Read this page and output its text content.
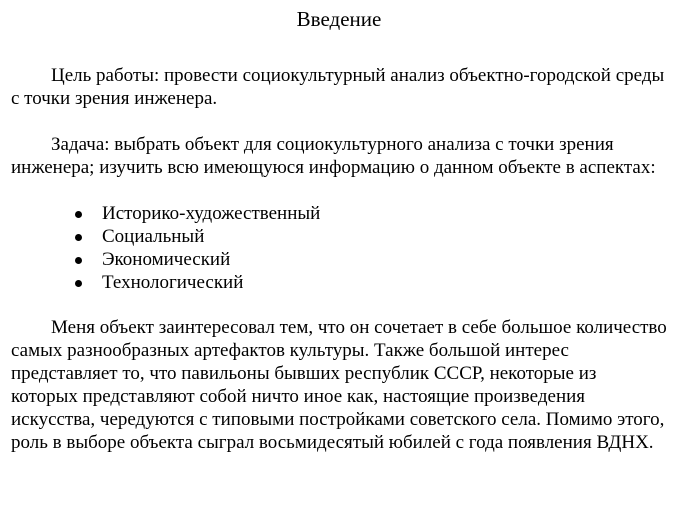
Введение

Цель работы: провести социокультурный анализ объектно-городской среды с точки зрения инженера.

Задача: выбрать объект для социокультурного анализа с точки зрения инженера; изучить всю имеющуюся информацию о данном объекте в аспектах:

Историко-художественный
Социальный
Экономический
Технологический

Меня объект заинтересовал тем, что он сочетает в себе большое количество самых разнообразных артефактов культуры. Также большой интерес представляет то, что павильоны бывших республик СССР, некоторые из которых представляют собой ничто иное как, настоящие произведения искусства, чередуются с типовыми постройками советского села. Помимо этого, роль в выборе объекта сыграл восьмидесятый юбилей с года появления ВДНХ.
